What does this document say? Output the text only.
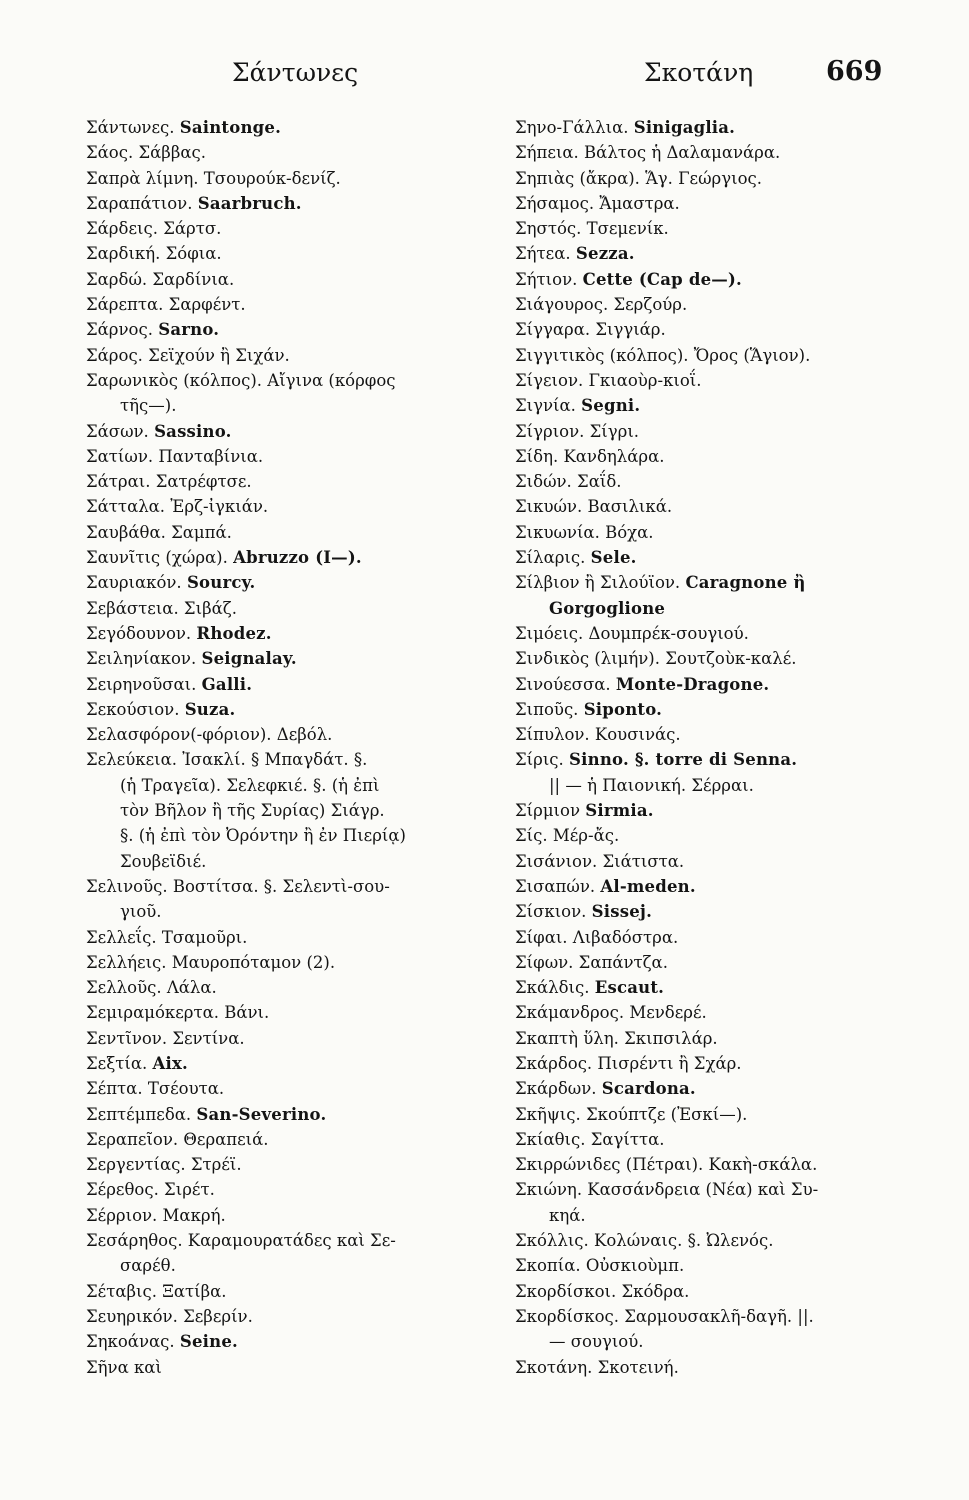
Σάντωνες	Σκοτάνη	669
Σάντωνες. Saintonge.
Σάος. Σάββας.
Σαπρὰ λίμνη. Τσουρούκ-δενίζ.
Σαραπάτιον. Saarbruch.
Σάρδεις. Σάρτσ.
Σαρδική. Σόφια.
Σαρδώ. Σαρδίνια.
Σάρεπτα. Σαρφέντ.
Σάρνος. Sarno.
Σάρος. Σεϊχούν ἢ Σιχάν.
Σαρωνικὸς (κόλπος). Αἴγινα (κόρφος
τῆς—).
Σάσων. Sassino.
Σατίων. Πανταβίνια.
Σάτραι. Σατρέφτσε.
Σάτταλα. Ἐρζ-ἰγκιάν.
Σαυβάθα. Σαμπά.
Σαυνῖτις (χώρα). Abruzzo (I—).
Σαυριακόν. Sourcy.
Σεβάστεια. Σιβάζ.
Σεγόδουνον. Rhodez.
Σειληνίακον. Seignalay.
Σειρηνοῦσαι. Galli.
Σεκούσιον. Suza.
Σελασφόρον(-φόριον). Δεβόλ.
Σελεύκεια. Ἰσακλί. § Μπαγδάτ. §.
(ἡ Τραγεῖα). Σελεφκιέ. §. (ἡ ἐπὶ
τὸν Βῆλον ἢ τῆς Συρίας) Σιάγρ.
§. (ἡ ἐπὶ τὸν Ὀρόντην ἢ ἐν Πιερίᾳ)
Σουβεϊδιέ.
Σελινοῦς. Βοστίτσα. §. Σελεντὶ-σου-
γιοῦ.
Σελλεΐς. Τσαμοῦρι.
Σελλήεις. Μαυροπόταμον (2).
Σελλοῦς. Λάλα.
Σεμιραμόκερτα. Βάνι.
Σεντῖνον. Σεντίνα.
Σεξτία. Aix.
Σέπτα. Τσέουτα.
Σεπτέμπεδα. San-Severino.
Σεραπεῖον. Θεραπειά.
Σεργεντίας. Στρέϊ.
Σέρεθος. Σιρέτ.
Σέρριον. Μακρή.
Σεσάρηθος. Καραμουρατάδες καὶ Σε-
σαρέθ.
Σέταβις. Ξατίβα.
Σευηρικόν. Σεβερίν.
Σηκοάνας. Seine.
Σῆνα καὶ
Σηνο-Γάλλια. Sinigaglia.
Σήπεια. Βάλτος ἡ Δαλαμανάρα.
Σηπιὰς (ἄκρα). Ἅγ. Γεώργιος.
Σήσαμος. Ἄμαστρα.
Σηστός. Τσεμενίκ.
Σήτεα. Sezza.
Σήτιον. Cette (Cap de—).
Σιάγουρος. Σερζούρ.
Σίγγαρα. Σιγγιάρ.
Σιγγιτικὸς (κόλπος). Ὄρος (Ἅγιον).
Σίγειον. Γκιαοὺρ-κιοΐ.
Σιγνία. Segni.
Σίγριον. Σίγρι.
Σίδη. Κανδηλάρα.
Σιδών. Σαΐδ.
Σικυών. Βασιλικά.
Σικυωνία. Βόχα.
Σίλαρις. Sele.
Σίλβιον ἢ Σιλούϊον. Caragnone ἢ
Gorgoglione
Σιμόεις. Δουμπρέκ-σουγιού.
Σινδικὸς (λιμήν). Σουτζοὺκ-καλέ.
Σινούεσσα. Monte-Dragone.
Σιποῦς. Siponto.
Σίπυλον. Κουσινάς.
Σίρις. Sinno. §. torre di Senna.
|| — ἡ Παιονική. Σέρραι.
Σίρμιον Sirmia.
Σίς. Μέρ-ἄς.
Σισάνιον. Σιάτιστα.
Σισαπών. Al-meden.
Σίσκιον. Sissej.
Σίφαι. Λιβαδόστρα.
Σίφων. Σαπάντζα.
Σκάλδις. Escaut.
Σκάμανδρος. Μενδερέ.
Σκαπτὴ ὕλη. Σκιπσιλάρ.
Σκάρδος. Πισρέντι ἢ Σχάρ.
Σκάρδων. Scardona.
Σκῆψις. Σκούπτζε (Ἐσκί—).
Σκίαθις. Σαγίττα.
Σκιρρώνιδες (Πέτραι). Κακὴ-σκάλα.
Σκιώνη. Κασσάνδρεια (Νέα) καὶ Συ-
κηά.
Σκόλλις. Κολώναις. §. Ὠλενός.
Σκοπία. Οὐσκιοὺμπ.
Σκορδίσκοι. Σκόδρα.
Σκορδίσκος. Σαρμουσακλῆ-δαγῆ. ||.
— σουγιού.
Σκοτάνη. Σκοτεινή.
